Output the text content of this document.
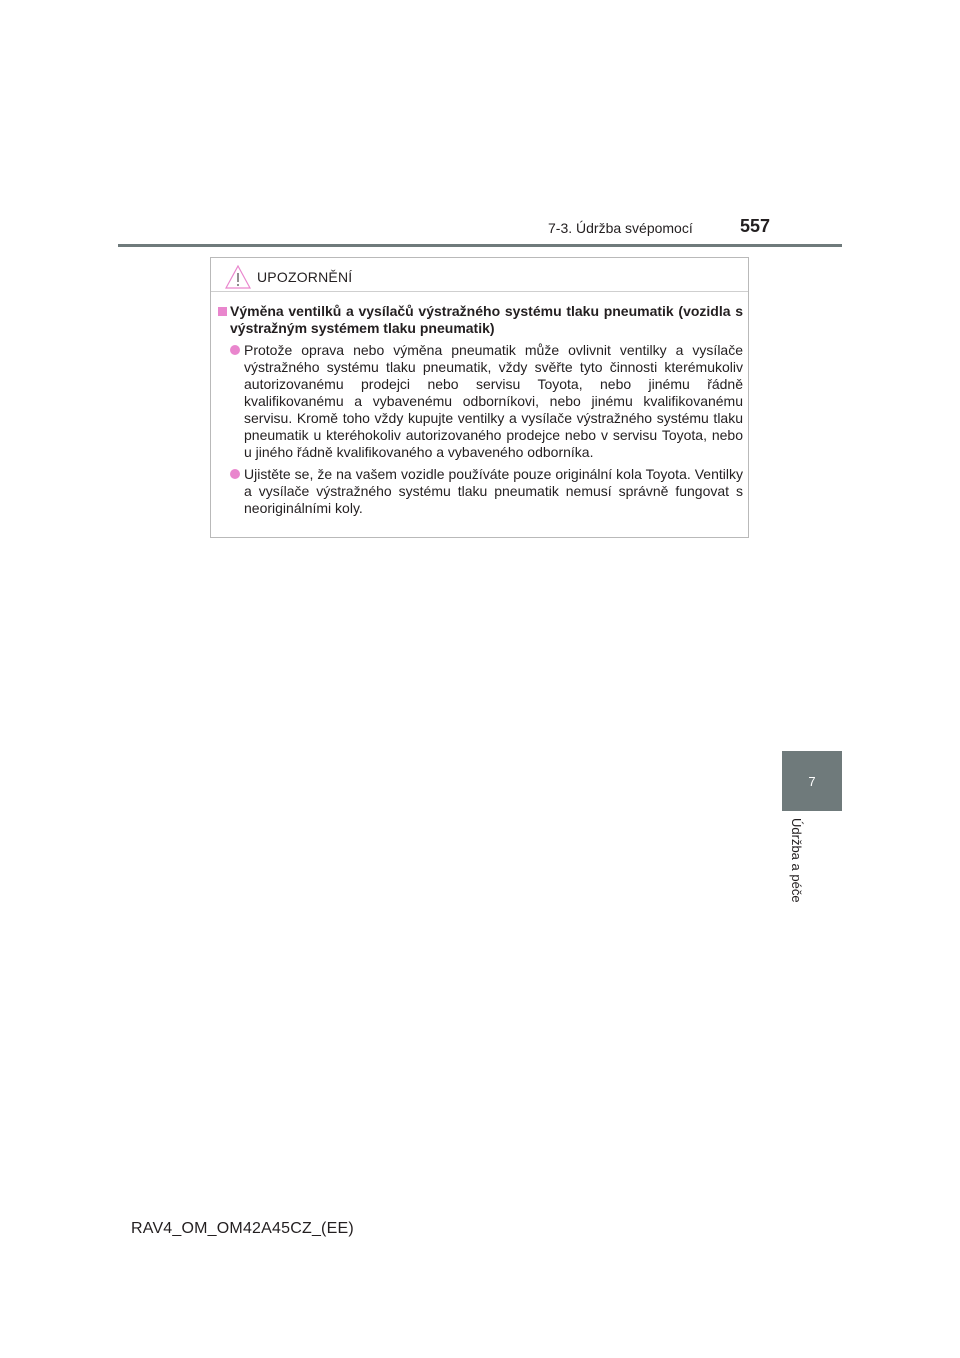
7-3. Údržba svépomocí	557
7
Údržba a péče
UPOZORNĚNÍ
Výměna ventilků a vysílačů výstražného systému tlaku pneumatik (vozidla s výstražným systémem tlaku pneumatik)
Protože oprava nebo výměna pneumatik může ovlivnit ventilky a vysílače výstražného systému tlaku pneumatik, vždy svěřte tyto činnosti kterémukoliv autorizovanému prodejci nebo servisu Toyota, nebo jinému řádně kvalifikovanému a vybavenému odborníkovi, nebo jinému kvalifikovanému servisu. Kromě toho vždy kupujte ventilky a vysílače výstražného systému tlaku pneumatik u kteréhokoliv autorizovaného prodejce nebo v servisu Toyota, nebo u jiného řádně kvalifikovaného a vybaveného odborníka.
Ujistěte se, že na vašem vozidle používáte pouze originální kola Toyota. Ventilky a vysílače výstražného systému tlaku pneumatik nemusí správně fungovat s neoriginálními koly.
RAV4_OM_OM42A45CZ_(EE)
